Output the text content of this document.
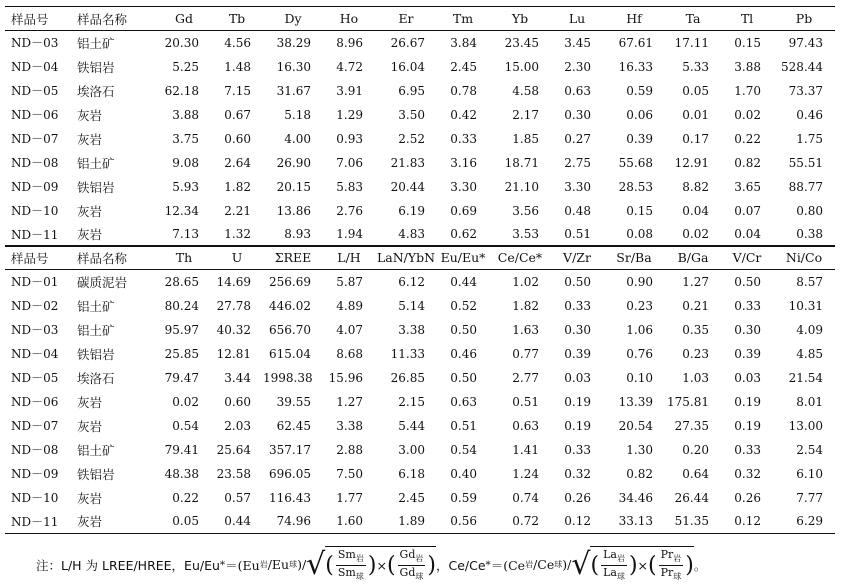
样品号	样品名称	Gd	Tb	Dy	Ho	Er	Tm	Yb	Lu	Hf	Ta	Tl	Pb
ND－03	铝土矿	20.30	4.56	38.29	8.96	26.67	3.84	23.45	3.45	67.61	17.11	0.15	97.43
ND－04	铁铝岩	5.25	1.48	16.30	4.72	16.04	2.45	15.00	2.30	16.33	5.33	3.88	528.44
ND－05	埃洛石	62.18	7.15	31.67	3.91	6.95	0.78	4.58	0.63	0.59	0.05	1.70	73.37
ND－06	灰岩	3.88	0.67	5.18	1.29	3.50	0.42	2.17	0.30	0.06	0.01	0.02	0.46
ND－07	灰岩	3.75	0.60	4.00	0.93	2.52	0.33	1.85	0.27	0.39	0.17	0.22	1.75
ND－08	铝土矿	9.08	2.64	26.90	7.06	21.83	3.16	18.71	2.75	55.68	12.91	0.82	55.51
ND－09	铁铝岩	5.93	1.82	20.15	5.83	20.44	3.30	21.10	3.30	28.53	8.82	3.65	88.77
ND－10	灰岩	12.34	2.21	13.86	2.76	6.19	0.69	3.56	0.48	0.15	0.04	0.07	0.80
ND－11	灰岩	7.13	1.32	8.93	1.94	4.83	0.62	3.53	0.51	0.08	0.02	0.04	0.38
样品号	样品名称	Th	U	ΣREE	L/H	LaN/YbN	Eu/Eu*	Ce/Ce*	V/Zr	Sr/Ba	B/Ga	V/Cr	Ni/Co
ND－01	碳质泥岩	28.65	14.69	256.69	5.87	6.12	0.44	1.02	0.50	0.90	1.27	0.50	8.57
ND－02	铝土矿	80.24	27.78	446.02	4.89	5.14	0.52	1.82	0.33	0.23	0.21	0.33	10.31
ND－03	铝土矿	95.97	40.32	656.70	4.07	3.38	0.50	1.63	0.30	1.06	0.35	0.30	4.09
ND－04	铁铝岩	25.85	12.81	615.04	8.68	11.33	0.46	0.77	0.39	0.76	0.23	0.39	4.85
ND－05	埃洛石	79.47	3.44	1998.38	15.96	26.85	0.50	2.77	0.03	0.10	1.03	0.03	21.54
ND－06	灰岩	0.02	0.60	39.55	1.27	2.15	0.63	0.51	0.19	13.39	175.81	0.19	8.01
ND－07	灰岩	0.54	2.03	62.45	3.38	5.44	0.51	0.63	0.19	20.54	27.35	0.19	13.00
ND－08	铝土矿	79.41	25.64	357.17	2.88	3.00	0.54	1.41	0.33	1.30	0.20	0.33	2.54
ND－09	铁铝岩	48.38	23.58	696.05	7.50	6.18	0.40	1.24	0.32	0.82	0.64	0.32	6.10
ND－10	灰岩	0.22	0.57	116.43	1.77	2.45	0.59	0.74	0.26	34.46	26.44	0.26	7.77
ND－11	灰岩	0.05	0.44	74.96	1.60	1.89	0.56	0.72	0.12	33.13	51.35	0.12	6.29
注：L/H 为 LREE/HREE，Eu/Eu * ＝(Eu 岩 /Eu 球 )/ √ ( $\frac{Sm_岩}{Sm_球}$ ) × ( $\frac{Gd_岩}{Gd_球}$ ) ，Ce/Ce * ＝(Ce 岩 /Ce 球 )/ √ ( $\frac{La_岩}{La_球}$ ) × ( $\frac{Pr_岩}{Pr_球}$ ) 。
